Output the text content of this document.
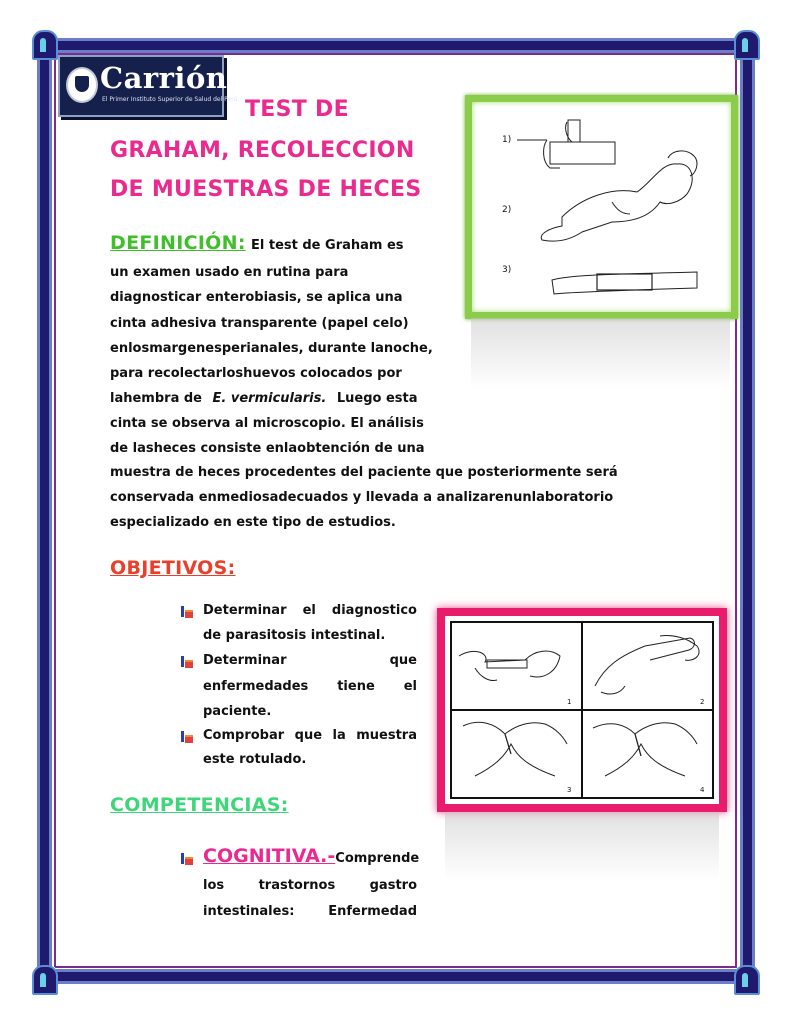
Carrión
El Primer Instituto Superior de Salud del Perú TEST DE
GRAHAM, RECOLECCION
DE MUESTRAS DE HECES
1)
2)
3)
DEFINICIÓN: El test de Graham es
un examen usado en rutina para
diagnosticar enterobiasis, se aplica una
cinta adhesiva transparente (papel celo)
enlosmargenesperianales, durante lanoche,
para recolectarloshuevos colocados por
lahembra de E. vermicularis. Luego esta
cinta se observa al microscopio. El análisis
de lasheces consiste enlaobtención de una
muestra de heces procedentes del paciente que posteriormente será
conservada enmediosadecuados y llevada a analizarenunlaboratorio
especializado en este tipo de estudios.
OBJETIVOS:
Determinar el diagnostico
de parasitosis intestinal.
Determinar	que
enfermedades tiene el
paciente.
Comprobar que la muestra
este rotulado.
1	2
3	4
COMPETENCIAS:
COGNITIVA.-Comprende
los	trastornos	gastro
intestinales:	Enfermedad
